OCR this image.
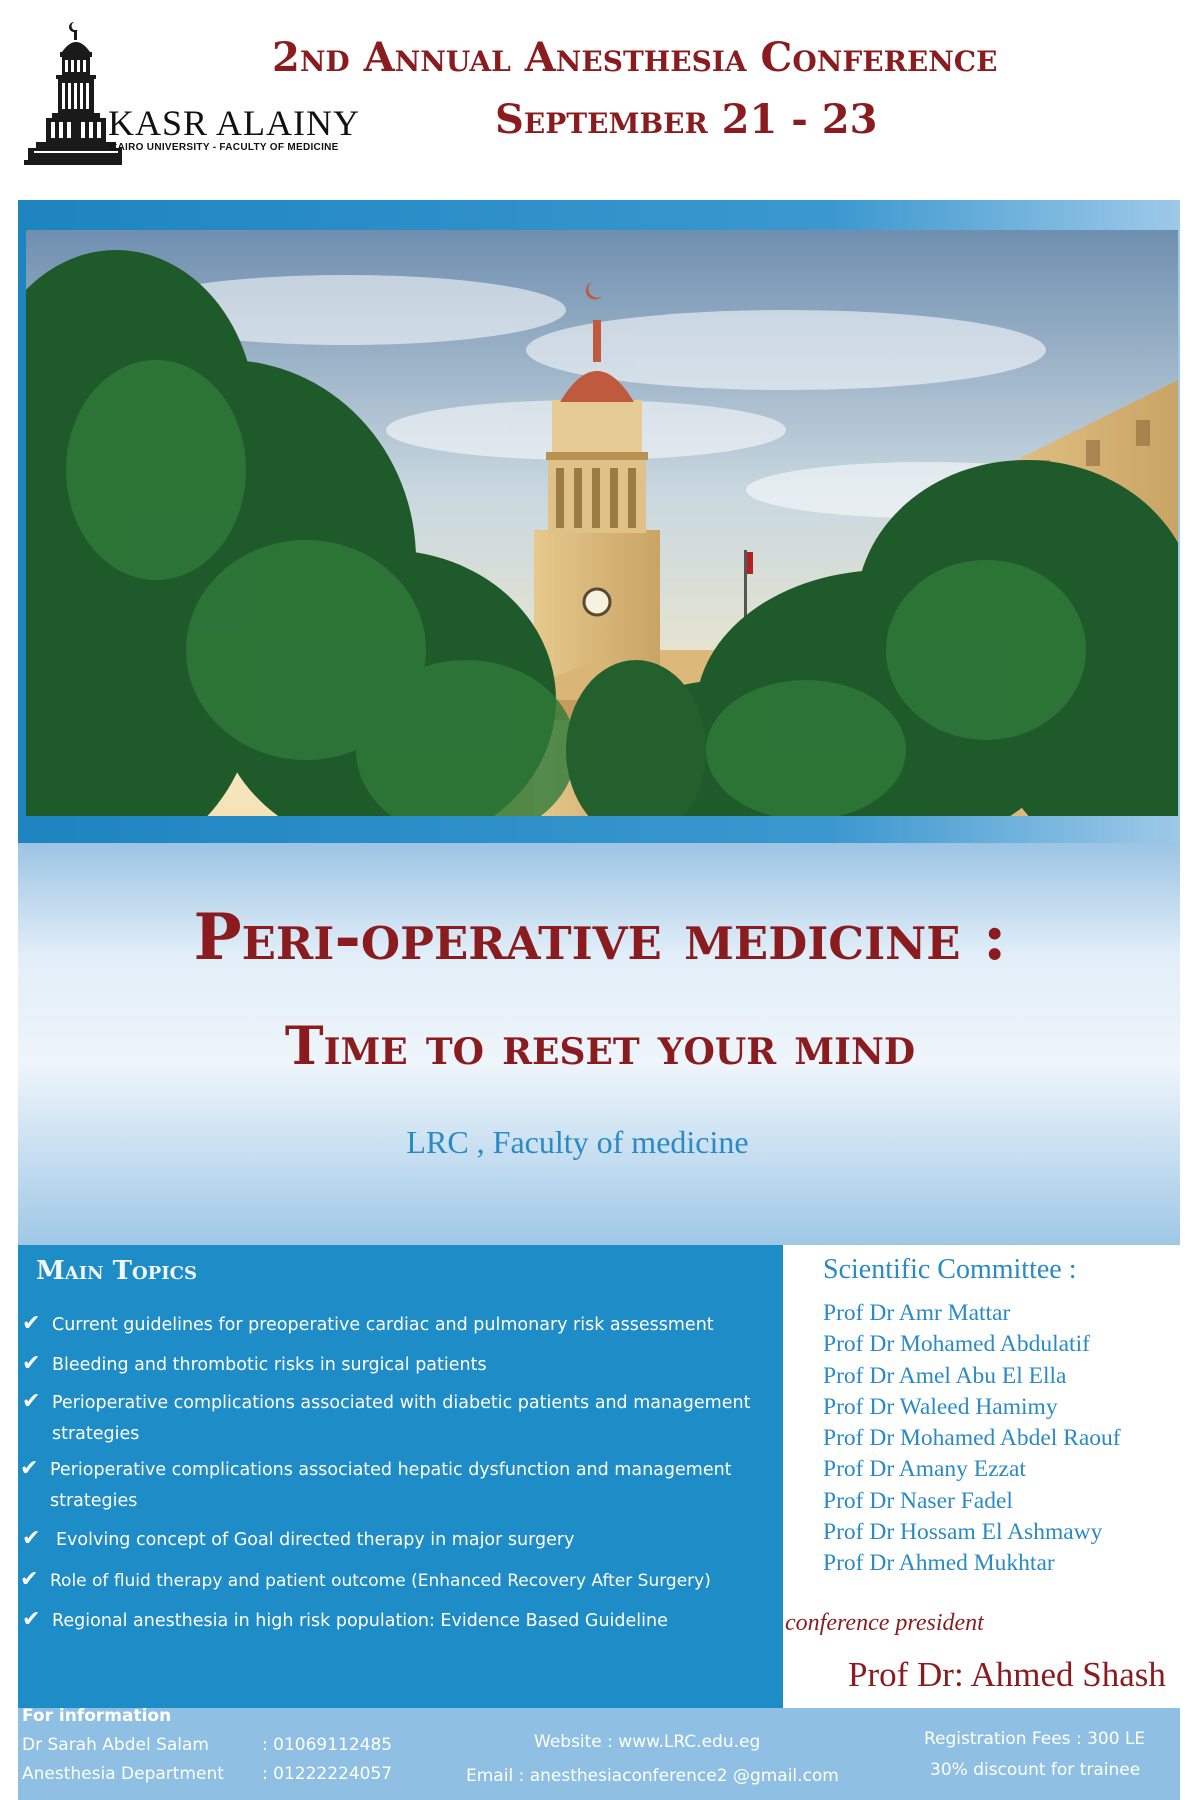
KASR ALAINY
CAIRO UNIVERSITY - FACULTY OF MEDICINE
2nd Annual Anesthesia Conference
September 21 - 23
Peri-operative medicine :
Time to reset your mind
LRC , Faculty of medicine
Main Topics
✔ Current guidelines for preoperative cardiac and pulmonary risk assessment
✔ Bleeding and thrombotic risks in surgical patients
✔ Perioperative complications associated with diabetic patients and management strategies
✔ Perioperative complications associated hepatic dysfunction and management strategies
✔ Evolving concept of Goal directed therapy in major surgery
✔ Role of fluid therapy and patient outcome (Enhanced Recovery After Surgery)
✔ Regional anesthesia in high risk population: Evidence Based Guideline
Scientific Committee :
Prof Dr Amr Mattar
Prof Dr Mohamed Abdulatif
Prof Dr Amel Abu El Ella
Prof Dr Waleed Hamimy
Prof Dr Mohamed Abdel Raouf
Prof Dr Amany Ezzat
Prof Dr Naser Fadel
Prof Dr Hossam El Ashmawy
Prof Dr Ahmed Mukhtar
conference president
Prof Dr: Ahmed Shash
For information
Dr Sarah Abdel Salam	: 01069112485
Anesthesia Department : 01222224057
Website : www.LRC.edu.eg
Email : anesthesiaconference2 @gmail.com
Registration Fees : 300 LE
30% discount for trainee
